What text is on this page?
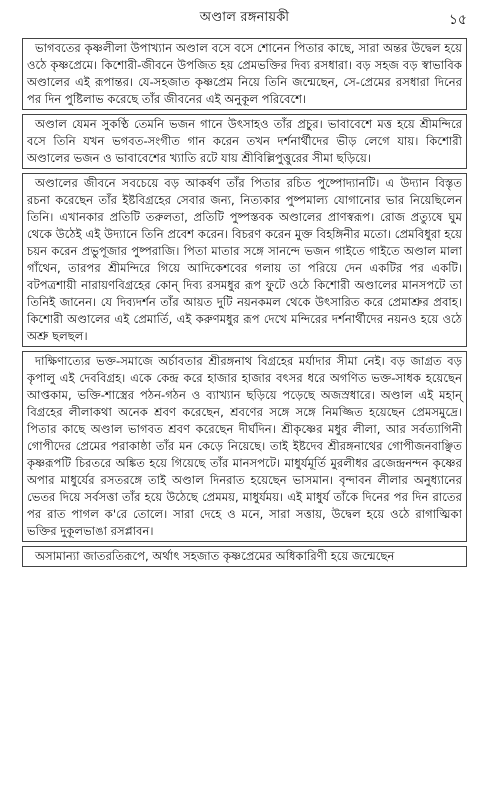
অণ্ডাল রঙ্গনায়কী	১৫

ভাগবতের কৃষ্ণলীলা উপাখ্যান অণ্ডাল বসে বসে শোনেন পিতার কাছে, সারা অন্তর উদ্বেল হয়ে ওঠে কৃষ্ণপ্রেমে। কিশোরী-জীবনে উপজিত হয় প্রেমভক্তির দিব্য রসধারা। বড় সহজ বড় স্বাভাবিক অণ্ডালের এই রূপান্তর। যে-সহজাত কৃষ্ণপ্রেম নিয়ে তিনি জন্মেছেন, সে-প্রেমের রসধারা দিনের পর দিন পুষ্টিলাভ করেছে তাঁর জীবনের এই অনুকূল পরিবেশে।

অণ্ডাল যেমন সুকণ্ঠি তেমনি ভজন গানে উৎসাহও তাঁর প্রচুর। ভাবাবেশে মত্ত হয়ে শ্রীমন্দিরে বসে তিনি যখন ভগবত-সংগীত গান করেন তখন দর্শনার্থীদের ভীড় লেগে যায়। কিশোরী অণ্ডালের ভজন ও ভাবাবেশের খ্যাতি রটে যায় শ্রীবিল্লিপুত্তুরের সীমা ছড়িয়ে।

অণ্ডালের জীবনে সবচেয়ে বড় আকর্ষণ তাঁর পিতার রচিত পুষ্পোদ্যানটি। এ উদ্যান বিস্তৃত রচনা করেছেন তাঁর ইষ্টবিগ্রহের সেবার জন্য, নিত্যকার পুষ্পমাল্য যোগানোর ভার নিয়েছিলেন তিনি। এখানকার প্রতিটি তরুলতা, প্রতিটি পুষ্পস্তবক অণ্ডালের প্রাণস্বরূপ। রোজ প্রত্যুষে ঘুম থেকে উঠেই এই উদ্যানে তিনি প্রবেশ করেন। বিচরণ করেন মুক্ত বিহঙ্গিনীর মতো। প্রেমবিধুরা হয়ে চয়ন করেন প্রভুপূজার পুষ্পরাজি। পিতা মাতার সঙ্গে সানন্দে ভজন গাইতে গাইতে অণ্ডাল মালা গাঁথেন, তারপর শ্রীমন্দিরে গিয়ে আদিকেশবের গলায় তা পরিয়ে দেন একটির পর একটি। বটপত্রশায়ী নারায়ণবিগ্রহের কোন্ দিব্য রসমধুর রূপ ফুটে ওঠে কিশোরী অণ্ডালের মানসপটে তা তিনিই জানেন। যে দিব্যদর্শন তাঁর আয়ত দুটি নয়নকমল থেকে উৎসারিত করে প্রেমাশ্রুর প্রবাহ। কিশোরী অণ্ডালের এই প্রেমার্তি, এই করুণমধুর রূপ দেখে মন্দিরের দর্শনার্থীদের নয়নও হয়ে ওঠে অশ্রু ছলছল।

দাক্ষিণাত্যের ভক্ত-সমাজে অর্চাবতার শ্রীরঙ্গনাথ বিগ্রহের মর্যাদার সীমা নেই। বড় জাগ্রত বড় কৃপালু এই দেববিগ্রহ। একে কেন্দ্র করে হাজার হাজার বৎসর ধরে অগণিত ভক্ত-সাধক হয়েছেন আপ্তকাম, ভক্তি-শাস্ত্রের পঠন-গঠন ও ব্যাখ্যান ছড়িয়ে পড়েছে অজস্রধারে। অণ্ডাল এই মহান্ বিগ্রহের লীলাকথা অনেক শ্রবণ করেছেন, শ্রবণের সঙ্গে সঙ্গে নিমজ্জিত হয়েছেন প্রেমসমুদ্রে। পিতার কাছে অণ্ডাল ভাগবত শ্রবণ করেছেন দীর্ঘদিন। শ্রীকৃষ্ণের মধুর লীলা, আর সর্বত্যাগিনী গোপীদের প্রেমের পরাকাষ্ঠা তাঁর মন কেড়ে নিয়েছে। তাই ইষ্টদেব শ্রীরঙ্গনাথের গোপীজনবাঞ্ছিত কৃষ্ণরূপটি চিরতরে অঙ্কিত হয়ে গিয়েছে তাঁর মানসপটে। মাধুর্যমূর্তি মুরলীধর ব্রজেন্দ্রনন্দন কৃষ্ণের অপার মাধুর্যের রসতরঙ্গে তাই অণ্ডাল দিনরাত হয়েছেন ভাসমান। বৃন্দাবন লীলার অনুধ্যানের ভেতর দিয়ে সর্বসত্তা তাঁর হয়ে উঠেছে প্রেমময়, মাধুর্যময়। এই মাধুর্য তাঁকে দিনের পর দিন রাতের পর রাত পাগল ক'রে তোলে। সারা দেহে ও মনে, সারা সত্তায়, উদ্বেল হয়ে ওঠে রাগাত্মিকা ভক্তির দুকূলভাঙা রসপ্লাবন।

অসামান্যা জাতরতিরূপে, অর্থাৎ সহজাত কৃষ্ণপ্রেমের অধিকারিণী হয়ে জন্মেছেন
